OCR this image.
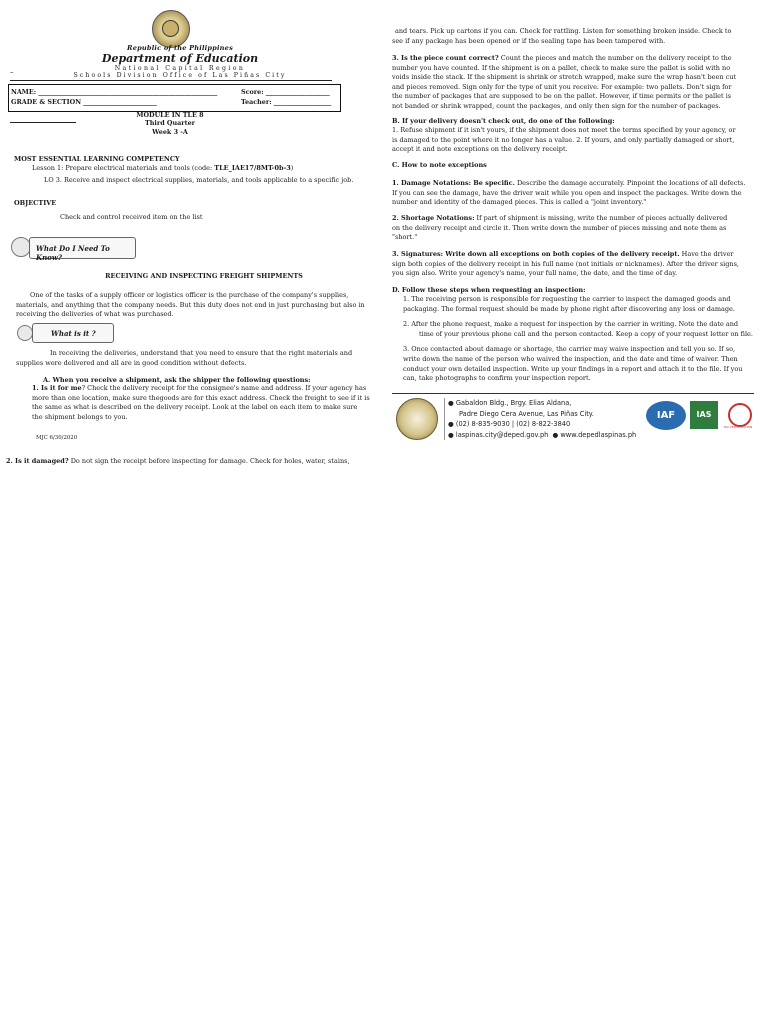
Republic of the Philippines
Department of Education
National Capital Region
–	Schools Division Office of Las Piñas City
NAME: ________________________________________________________	Score: ____________________
GRADE & SECTION _______________________	Teacher: __________________
MODULE IN TLE 8
Third Quarter
Week 3 -A
MOST ESSENTIAL LEARNING COMPETENCY
Lesson 1: Prepare electrical materials and tools (code: TLE_IAE17/8MT-0b-3)
LO 3. Receive and inspect electrical supplies, materials, and tools applicable to a specific job.
OBJECTIVE
Check and control received item on the list
What Do I Need To Know?
RECEIVING AND INSPECTING FREIGHT SHIPMENTS
One of the tasks of a supply officer or logistics officer is the purchase of the company's supplies,
materials, and anything that the company needs. But this duty does not end in just purchasing but also in
receiving the deliveries of what was purchased.
What is it ?
In receiving the deliveries, understand that you need to ensure that the right materials and
supplies were delivered and all are in good condition without defects.
A. When you receive a shipment, ask the shipper the following questions:
1. Is it for me? Check the delivery receipt for the consignee's name and address. If your agency has
more than one location, make sure thegoods are for this exact address. Check the freight to see if it is
the same as what is described on the delivery receipt. Look at the label on each item to make sure
the shipment belongs to you.
MJC 6/30/2020
2. Is it damaged? Do not sign the receipt before inspecting for damage. Check for holes, water, stains,
and tears. Pick up cartons if you can. Check for rattling. Listen for something broken inside. Check to
see if any package has been opened or if the sealing tape has been tampered with.
3. Is the piece count correct? Count the pieces and match the number on the delivery receipt to the
number you have counted. If the shipment is on a pallet, check to make sure the pallet is solid with no
voids inside the stack. If the shipment is shrink or stretch wrapped, make sure the wrap hasn't been cut
and pieces removed. Sign only for the type of unit you receive. For example: two pallets. Don't sign for
the number of packages that are supposed to be on the pallet. However, if time permits or the pallet is
not banded or shrink wrapped, count the packages, and only then sign for the number of packages.
B. If your delivery doesn't check out, do one of the following:
1. Refuse shipment if it isn't yours, if the shipment does not meet the terms specified by your agency, or
is damaged to the point where it no longer has a value. 2. If yours, and only partially damaged or short,
accept it and note exceptions on the delivery receipt.
C. How to note exceptions
1. Damage Notations: Be specific. Describe the damage accurately. Pinpoint the locations of all defects.
If you can see the damage, have the driver wait while you open and inspect the packages. Write down the
number and identity of the damaged pieces. This is called a "joint inventory."
2. Shortage Notations: If part of shipment is missing, write the number of pieces actually delivered
on the delivery receipt and circle it. Then write down the number of pieces missing and note them as
"short."
3. Signatures: Write down all exceptions on both copies of the delivery receipt. Have the driver
sign both copies of the delivery receipt in his full name (not initials or nicknames). After the driver signs,
you sign also. Write your agency's name, your full name, the date, and the time of day.
D. Follow these steps when requesting an inspection:
1. The receiving person is responsible for requesting the carrier to inspect the damaged goods and
packaging. The formal request should be made by phone right after discovering any loss or damage.
2. After the phone request, make a request for inspection by the carrier in writing. Note the date and
time of your previous phone call and the person contacted. Keep a copy of your request letter on file.
3. Once contacted about damage or shortage, the carrier may waive inspection and tell you so. If so,
write down the name of the person who waived the inspection, and the date and time of waiver. Then
conduct your own detailed inspection. Write up your findings in a report and attach it to the file. If you
can, take photographs to confirm your inspection report.
● Gabaldon Bldg., Brgy. Elias Aldana,
Padre Diego Cera Avenue, Las Piñas City.
● (02) 8-835-9030 | (02) 8-822-3840
● laspinas.city@deped.gov.ph ● www.depedlaspinas.ph
IAF	IAS
ISO CERTIFICATION
